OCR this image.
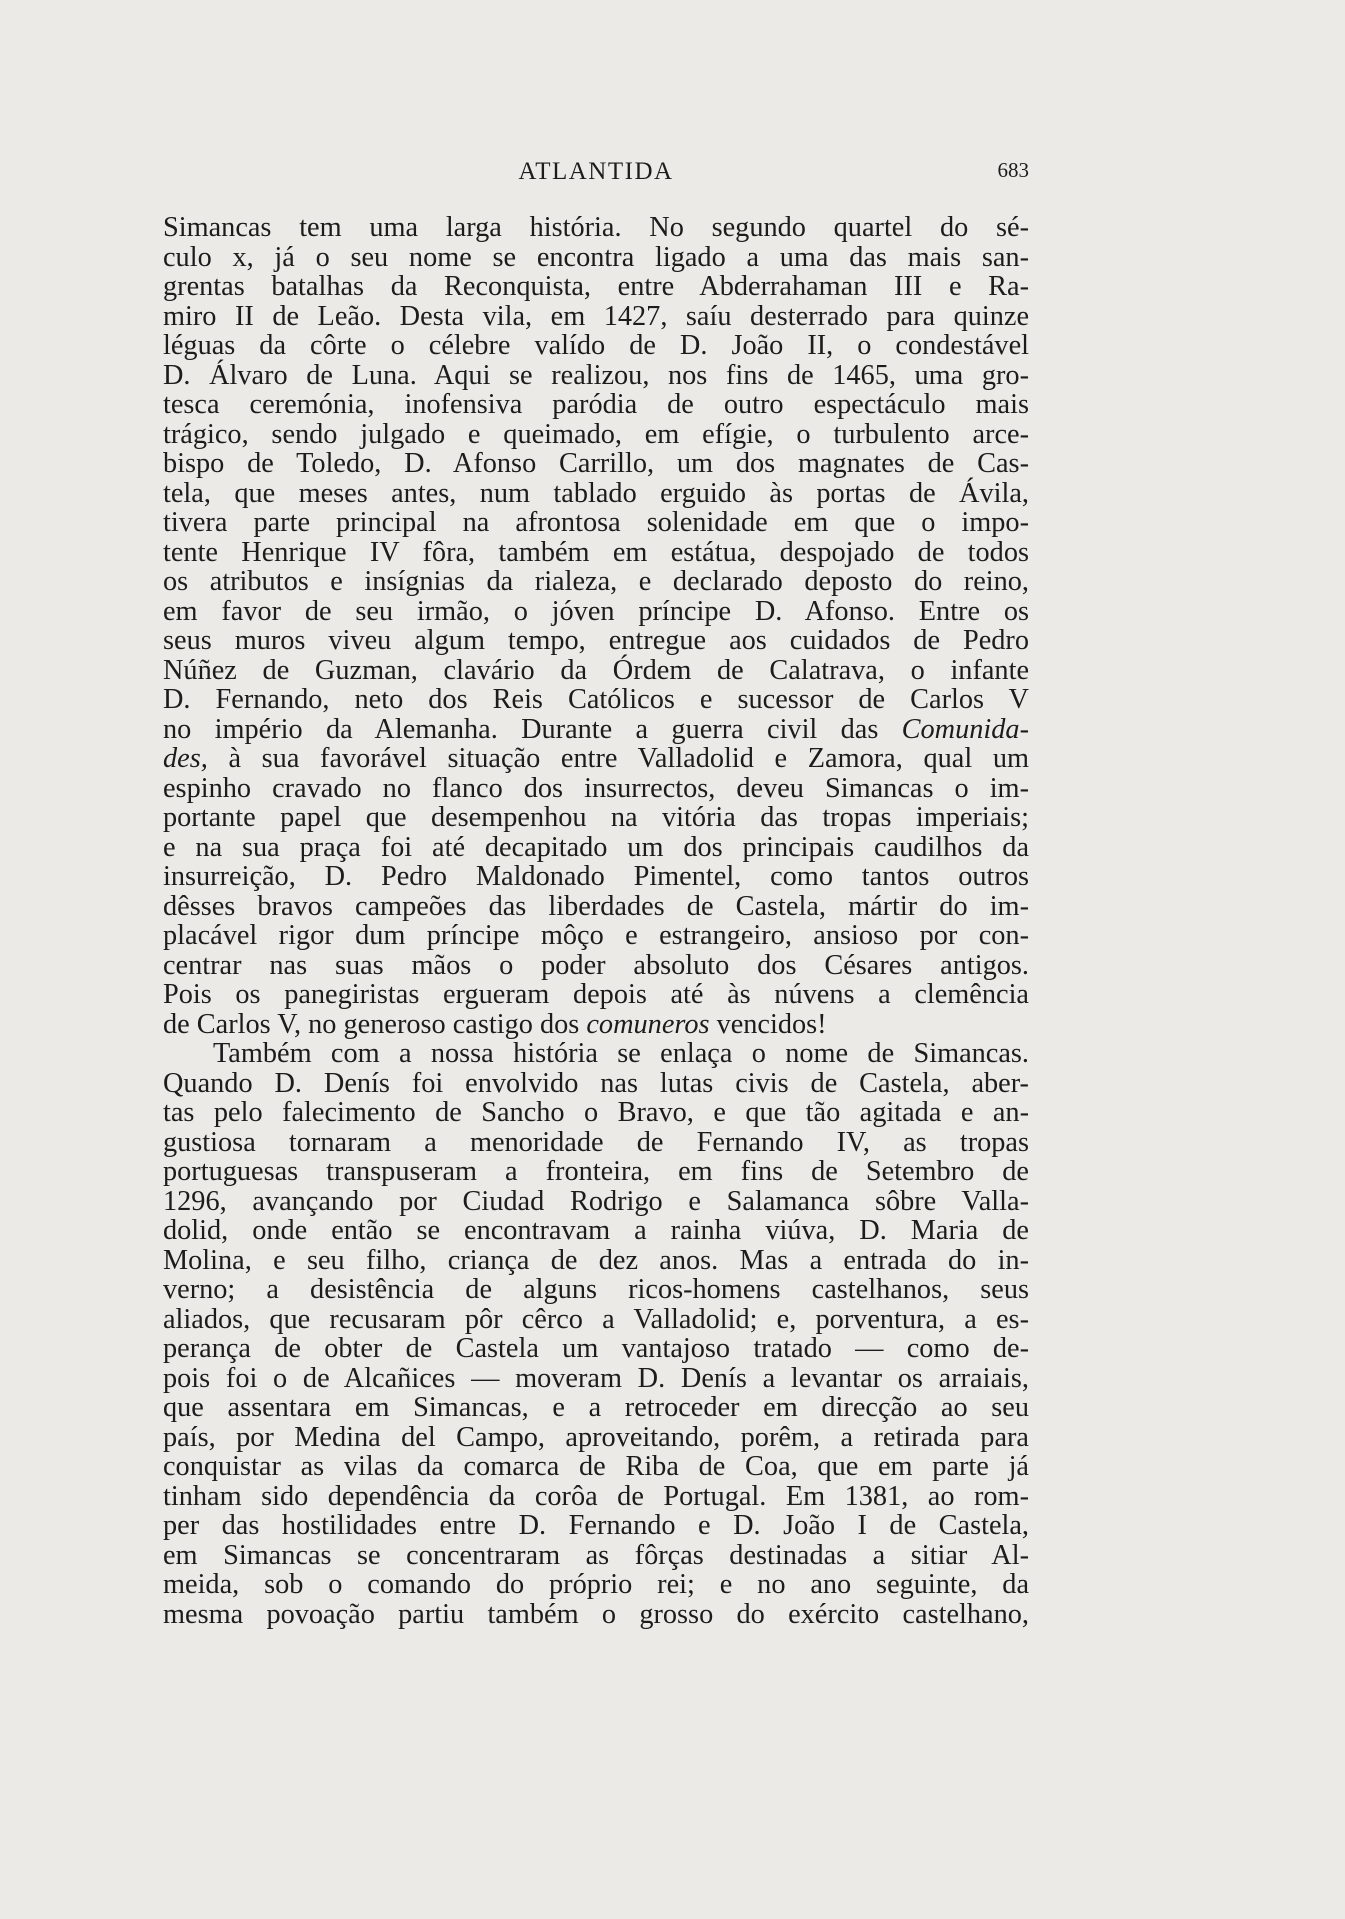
ATLANTIDA	683
Simancas tem uma larga história. No segundo quartel do sé-
culo x, já o seu nome se encontra ligado a uma das mais san-
grentas batalhas da Reconquista, entre Abderrahaman III e Ra-
miro II de Leão. Desta vila, em 1427, saíu desterrado para quinze
léguas da côrte o célebre valído de D. João II, o condestável
D. Álvaro de Luna. Aqui se realizou, nos fins de 1465, uma gro-
tesca ceremónia, inofensiva paródia de outro espectáculo mais
trágico, sendo julgado e queimado, em efígie, o turbulento arce-
bispo de Toledo, D. Afonso Carrillo, um dos magnates de Cas-
tela, que meses antes, num tablado erguido às portas de Ávila,
tivera parte principal na afrontosa solenidade em que o impo-
tente Henrique IV fôra, também em estátua, despojado de todos
os atributos e insígnias da rialeza, e declarado deposto do reino,
em favor de seu irmão, o jóven príncipe D. Afonso. Entre os
seus muros viveu algum tempo, entregue aos cuidados de Pedro
Núñez de Guzman, clavário da Órdem de Calatrava, o infante
D. Fernando, neto dos Reis Católicos e sucessor de Carlos V
no império da Alemanha. Durante a guerra civil das Comunida-
des, à sua favorável situação entre Valladolid e Zamora, qual um
espinho cravado no flanco dos insurrectos, deveu Simancas o im-
portante papel que desempenhou na vitória das tropas imperiais;
e na sua praça foi até decapitado um dos principais caudilhos da
insurreição, D. Pedro Maldonado Pimentel, como tantos outros
dêsses bravos campeões das liberdades de Castela, mártir do im-
placável rigor dum príncipe môço e estrangeiro, ansioso por con-
centrar nas suas mãos o poder absoluto dos Césares antigos.
Pois os panegiristas ergueram depois até às núvens a clemência
de Carlos V, no generoso castigo dos comuneros vencidos!
Também com a nossa história se enlaça o nome de Simancas.
Quando D. Denís foi envolvido nas lutas civis de Castela, aber-
tas pelo falecimento de Sancho o Bravo, e que tão agitada e an-
gustiosa tornaram a menoridade de Fernando IV, as tropas
portuguesas transpuseram a fronteira, em fins de Setembro de
1296, avançando por Ciudad Rodrigo e Salamanca sôbre Valla-
dolid, onde então se encontravam a rainha viúva, D. Maria de
Molina, e seu filho, criança de dez anos. Mas a entrada do in-
verno; a desistência de alguns ricos-homens castelhanos, seus
aliados, que recusaram pôr cêrco a Valladolid; e, porventura, a es-
perança de obter de Castela um vantajoso tratado — como de-
pois foi o de Alcañices — moveram D. Denís a levantar os arraiais,
que assentara em Simancas, e a retroceder em direcção ao seu
país, por Medina del Campo, aproveitando, porêm, a retirada para
conquistar as vilas da comarca de Riba de Coa, que em parte já
tinham sido dependência da corôa de Portugal. Em 1381, ao rom-
per das hostilidades entre D. Fernando e D. João I de Castela,
em Simancas se concentraram as fôrças destinadas a sitiar Al-
meida, sob o comando do próprio rei; e no ano seguinte, da
mesma povoação partiu também o grosso do exército castelhano,
